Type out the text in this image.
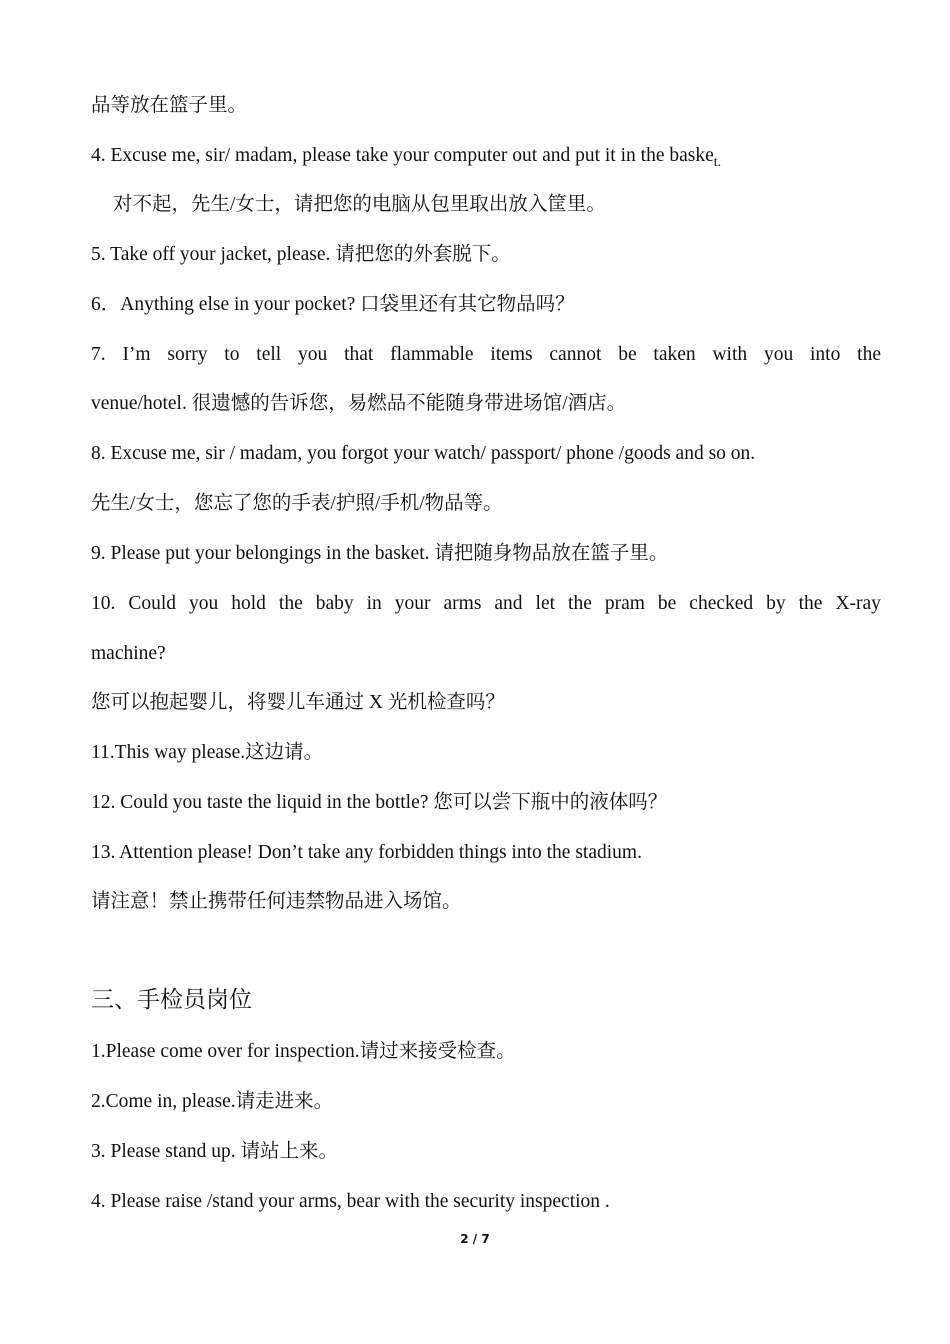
品等放在篮子里。
4. Excuse me, sir/ madam, please take your computer out and put it in the baske$_{t.}$
对不起，先生/女士，请把您的电脑从包里取出放入筐里。
5. Take off your jacket, please. 请把您的外套脱下。
6．Anything else in your pocket? 口袋里还有其它物品吗？
7. I’m sorry to tell you that flammable items cannot be taken with you into the
venue/hotel. 很遗憾的告诉您，易燃品不能随身带进场馆/酒店。
8. Excuse me, sir / madam, you forgot your watch/ passport/ phone /goods and so on.
先生/女士，您忘了您的手表/护照/手机/物品等。
9. Please put your belongings in the basket. 请把随身物品放在篮子里。
10. Could you hold the baby in your arms and let the pram be checked by the X-ray
machine?
您可以抱起婴儿，将婴儿车通过 X 光机检查吗？
11.This way please.这边请。
12. Could you taste the liquid in the bottle? 您可以尝下瓶中的液体吗？
13. Attention please! Don’t take any forbidden things into the stadium.
请注意！禁止携带任何违禁物品进入场馆。
三、手检员岗位
1.Please come over for inspection.请过来接受检查。
2.Come in, please.请走进来。
3. Please stand up. 请站上来。
4. Please raise /stand your arms, bear with the security inspection .
2 / 7
